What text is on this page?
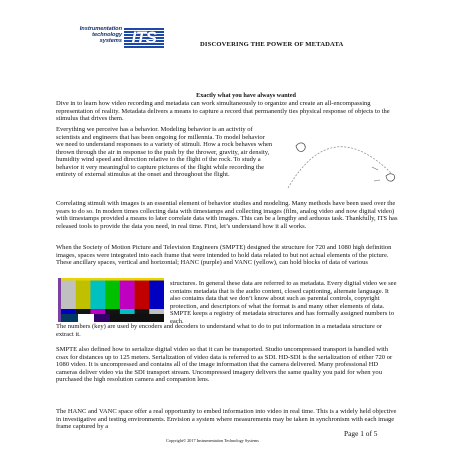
Instrumentation
technology
systems ITS	DISCOVERING THE POWER OF METADATA
Exactly what you have always wanted

Dive in to learn how video recording and metadata can work simultaneously to organize and create an all-encompassing representation of reality. Metadata delivers a means to capture a record that permanently ties physical response of objects to the stimulus that drives them.

Everything we perceive has a behavior. Modeling behavior is an activity of scientists and engineers that has been ongoing for millennia. To model behavior we need to understand responses to a variety of stimuli. How a rock behaves when thrown through the air in response to the push by the thrower, gravity, air density, humidity wind speed and direction relative to the flight of the rock. To study a behavior it very meaningful to capture pictures of the flight while recording the entirety of external stimulus at the onset and throughout the flight.

Correlating stimuli with images is an essential element of behavior studies and modeling. Many methods have been used over the years to do so. In modern times collecting data with timestamps and collecting images (film, analog video and now digital video) with timestamps provided a means to later correlate data with images. This can be a lengthy and arduous task. Thankfully, ITS has released tools to provide the data you need, in real time. First, let’s understand how it all works.

When the Society of Motion Picture and Television Engineers (SMPTE) designed the structure for 720 and 1080 high definition images, spaces were integrated into each frame that were intended to hold data related to but not actual elements of the picture. These ancillary spaces, vertical and horizontal; HANC (purple) and VANC (yellow), can hold blocks of data of various

structures. In general these data are referred to as metadata. Every digital video we see contains metadata that is the audio content, closed captioning, alternate language. It also contains data that we don’t know about such as parental controls, copyright protection, and descriptors of what the format is and many other elements of data. SMPTE keeps a registry of metadata structures and has formally assigned numbers to each.

The numbers (key) are used by encoders and decoders to understand what to do to put information in a metadata structure or extract it.

SMPTE also defined how to serialize digital video so that it can be transported. Studio uncompressed transport is handled with coax for distances up to 125 meters. Serialization of video data is referred to as SDI. HD-SDI is the serialization of either 720 or 1080 video. It is uncompressed and contains all of the image information that the camera delivered. Many professional HD cameras deliver video via the SDI transport stream. Uncompressed imagery delivers the same quality you paid for when you purchased the high resolution camera and companion lens.

The HANC and VANC space offer a real opportunity to embed information into video in real time. This is a widely held objective in investigative and testing environments. Envision a system where measurements may be taken in synchronism with each image frame captured by a

Page 1 of 5
Copyright© 2017 Instrumentation Technology Systems
